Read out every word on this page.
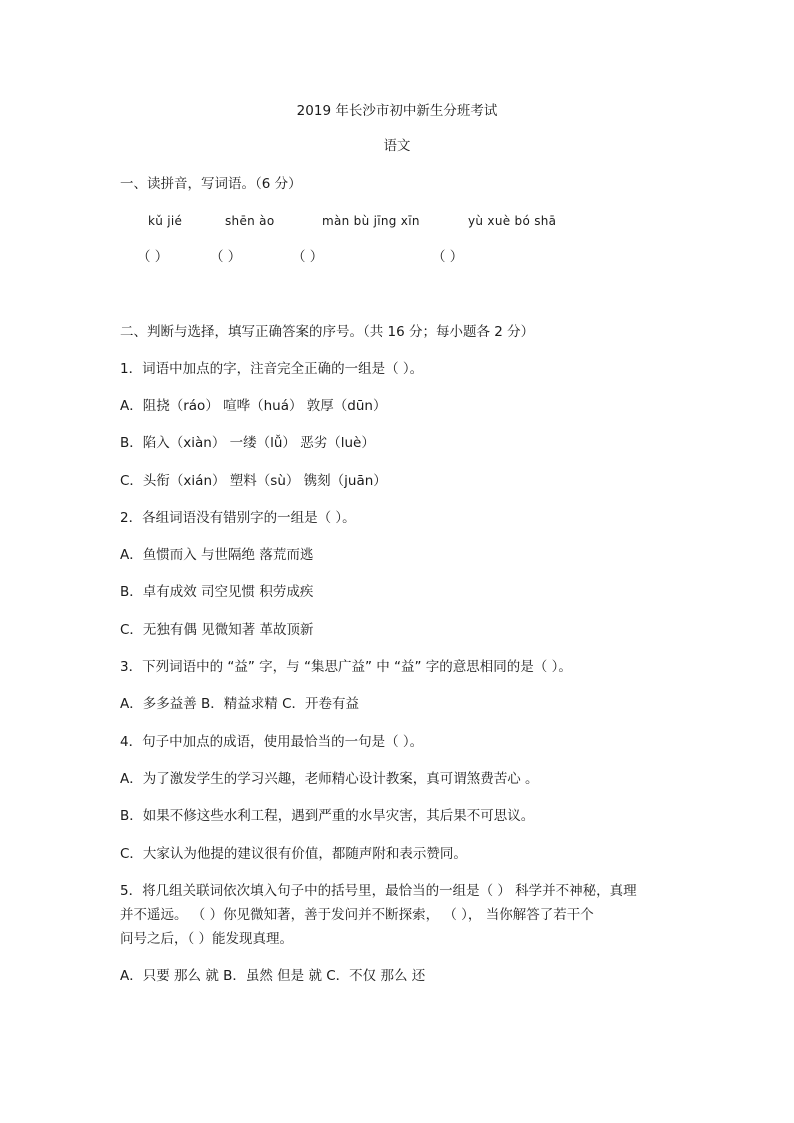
2019 年长沙市初中新生分班考试
语文
一、读拼音，写词语。（6 分）
kǔ jié	shēn ào	màn bù jīng xīn	yù xuè bó shā
（ ）	（ ）	（ ）	（ ）
二、判断与选择，填写正确答案的序号。（共 16 分；每小题各 2 分）
1．词语中加点的字，注音完全正确的一组是（ ）。
A．阻挠（ráo） 喧哗（huá） 敦厚（dūn）
B．陷入（xiàn） 一缕（lǚ） 恶劣（luè）
C．头衔（xián） 塑料（sù） 镌刻（juān）
2．各组词语没有错别字的一组是（ ）。
A．鱼惯而入 与世隔绝 落荒而逃
B．卓有成效 司空见惯 积劳成疾
C．无独有偶 见微知著 革故顶新
3．下列词语中的 “益” 字，与 “集思广益” 中 “益” 字的意思相同的是（ ）。
A．多多益善 B．精益求精 C．开卷有益
4．句子中加点的成语，使用最恰当的一句是（ ）。
A．为了激发学生的学习兴趣，老师精心设计教案，真可谓煞费苦心 。
B．如果不修这些水利工程，遇到严重的水旱灾害，其后果不可思议。
C．大家认为他提的建议很有价值，都随声附和表示赞同。
5．将几组关联词依次填入句子中的括号里，最恰当的一组是（ ） 科学并不神秘，真理
并不遥远。 （ ）你见微知著，善于发问并不断探索， （ ）， 当你解答了若干个
问号之后，（ ）能发现真理。
A．只要 那么 就 B．虽然 但是 就 C．不仅 那么 还
